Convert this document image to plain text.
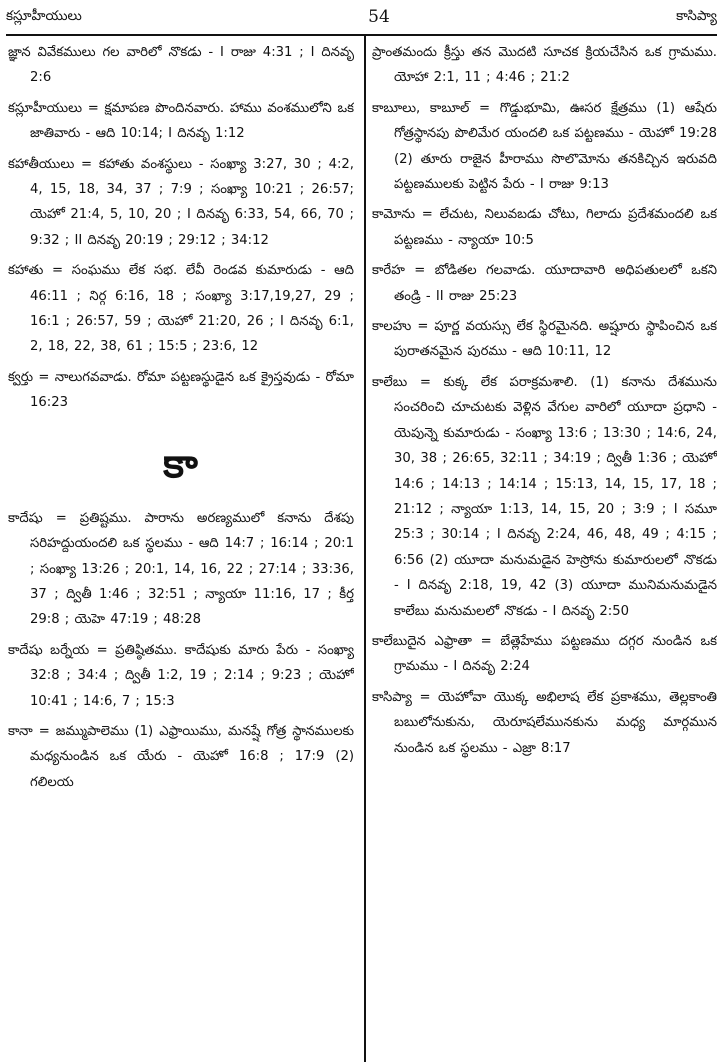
కస్లూహీయులు	54	కాసిప్యా

జ్ఞాన వివేకములు గల వారిలో నొకడు - I రాజు 4:31 ; I దినవృ 2:6

కస్లూహీయులు = క్షమాపణ పొందినవారు. హాము వంశములోని ఒక జాతివారు - ఆది 10:14; I దినవృ 1:12

కహాతీయులు = కహాతు వంశస్థులు - సంఖ్యా 3:27, 30 ; 4:2, 4, 15, 18, 34, 37 ; 7:9 ; సంఖ్యా 10:21 ; 26:57; యెహో 21:4, 5, 10, 20 ; I దినవృ 6:33, 54, 66, 70 ; 9:32 ; II దినవృ 20:19 ; 29:12 ; 34:12

కహాతు = సంఘము లేక సభ. లేవీ రెండవ కుమారుడు - ఆది 46:11 ; నిర్గ 6:16, 18 ; సంఖ్యా 3:17,19,27, 29 ; 16:1 ; 26:57, 59 ; యెహో 21:20, 26 ; I దినవృ 6:1, 2, 18, 22, 38, 61 ; 15:5 ; 23:6, 12

క్వర్తు = నాలుగవవాడు. రోమా పట్టణస్థుడైన ఒక క్రైస్తవుడు - రోమా 16:23

కా

కాదేషు = ప్రతిష్టము. పారాను అరణ్యములో కనాను దేశపు సరిహద్దుయందలి ఒక స్థలము - ఆది 14:7 ; 16:14 ; 20:1 ; సంఖ్యా 13:26 ; 20:1, 14, 16, 22 ; 27:14 ; 33:36, 37 ; ద్వితీ 1:46 ; 32:51 ; న్యాయా 11:16, 17 ; కీర్త 29:8 ; యెహె 47:19 ; 48:28

కాదేషు బర్నేయ = ప్రతిష్ఠితము. కాదేషుకు మారు పేరు - సంఖ్యా 32:8 ; 34:4 ; ద్వితీ 1:2, 19 ; 2:14 ; 9:23 ; యెహో 10:41 ; 14:6, 7 ; 15:3

కానా = జమ్ముపాలెము (1) ఎఫ్రాయిము, మనష్షే గోత్ర స్థానములకు మధ్యనుండిన ఒక యేరు - యెహో 16:8 ; 17:9 (2) గలిలయ

ప్రాంతమందు క్రీస్తు తన మొదటి సూచక క్రియచేసిన ఒక గ్రామము. యోహా 2:1, 11 ; 4:46 ; 21:2

కాబూలు, కాబూల్ = గొడ్డుభూమి, ఊసర క్షేత్రము (1) ఆషేరు గోత్రస్థానపు పొలిమేర యందలి ఒక పట్టణము - యెహో 19:28 (2) తూరు రాజైన హీరాము సొలొమోను తనకిచ్చిన ఇరువది పట్టణములకు పెట్టిన పేరు - I రాజు 9:13

కామోను = లేచుట, నిలువబడు చోటు, గిలాదు ప్రదేశమందలి ఒక పట్టణము - న్యాయా 10:5

కారేహ = బోడితల గలవాడు. యూదావారి అధిపతులలో ఒకని తండ్రి - II రాజు 25:23

కాలహు = పూర్ణ వయస్సు లేక స్థిరమైనది. అష్షూరు స్థాపించిన ఒక పురాతనమైన పురము - ఆది 10:11, 12

కాలేబు = కుక్క లేక పరాక్రమశాలి. (1) కనాను దేశమును సంచరించి చూచుటకు వెళ్లిన వేగుల వారిలో యూదా ప్రధాని - యెపున్నె కుమారుడు - సంఖ్యా 13:6 ; 13:30 ; 14:6, 24, 30, 38 ; 26:65, 32:11 ; 34:19 ; ద్వితీ 1:36 ; యెహో 14:6 ; 14:13 ; 14:14 ; 15:13, 14, 15, 17, 18 ; 21:12 ; న్యాయా 1:13, 14, 15, 20 ; 3:9 ; I సమూ 25:3 ; 30:14 ; I దినవృ 2:24, 46, 48, 49 ; 4:15 ; 6:56 (2) యూదా మనుమడైన హెస్రోను కుమారులలో నొకడు - I దినవృ 2:18, 19, 42 (3) యూదా మునిమనుమడైన కాలేబు మనుమలలో నొకడు - I దినవృ 2:50

కాలేబుదైన ఎఫ్రాతా = బేత్లెహేము పట్టణము దగ్గర నుండిన ఒక గ్రామము - I దినవృ 2:24

కాసిప్యా = యెహోవా యొక్క అభిలాష లేక ప్రకాశము, తెల్లకాంతి బబులోనుకును, యెరూషలేమునకును మధ్య మార్గమున నుండిన ఒక స్థలము - ఎజ్రా 8:17
